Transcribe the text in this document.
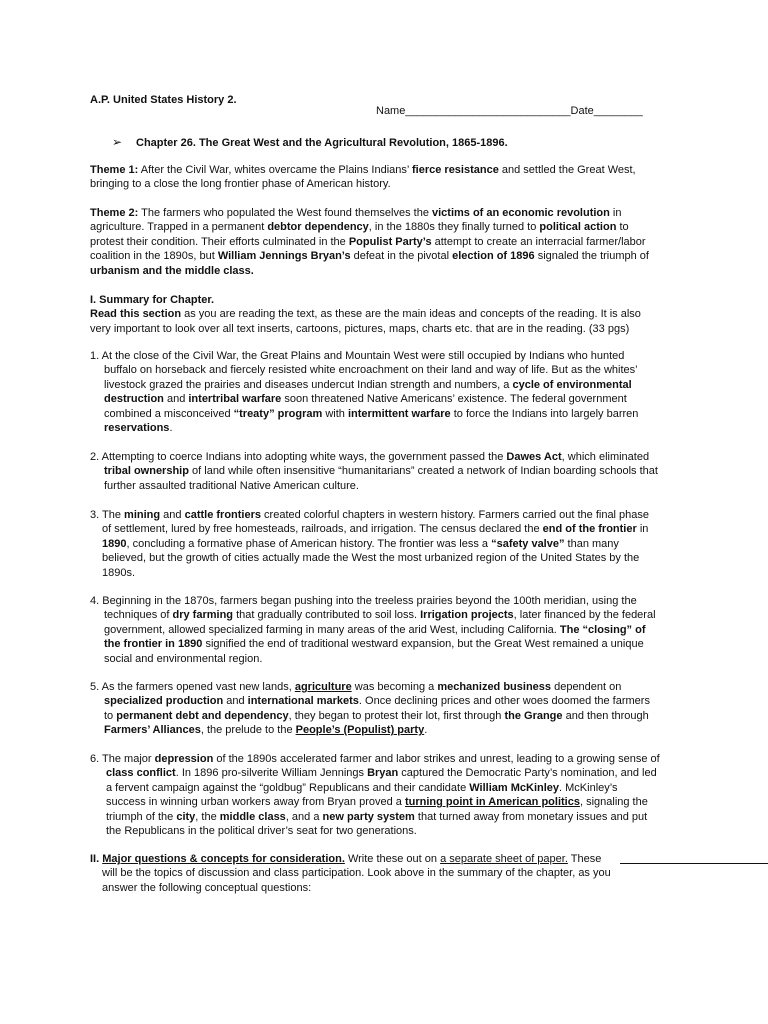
A.P. United States History 2.
Name___________________________Date________
➢ Chapter 26. The Great West and the Agricultural Revolution, 1865-1896.
Theme 1: After the Civil War, whites overcame the Plains Indians’ fierce resistance and settled the Great West,
bringing to a close the long frontier phase of American history.
Theme 2: The farmers who populated the West found themselves the victims of an economic revolution in
agriculture. Trapped in a permanent debtor dependency, in the 1880s they finally turned to political action to
protest their condition. Their efforts culminated in the Populist Party’s attempt to create an interracial farmer/labor
coalition in the 1890s, but William Jennings Bryan’s defeat in the pivotal election of 1896 signaled the triumph of
urbanism and the middle class.
I. Summary for Chapter.
Read this section as you are reading the text, as these are the main ideas and concepts of the reading. It is also
very important to look over all text inserts, cartoons, pictures, maps, charts etc. that are in the reading. (33 pgs)
1. At the close of the Civil War, the Great Plains and Mountain West were still occupied by Indians who hunted
buffalo on horseback and fiercely resisted white encroachment on their land and way of life. But as the whites’
livestock grazed the prairies and diseases undercut Indian strength and numbers, a cycle of environmental
destruction and intertribal warfare soon threatened Native Americans’ existence. The federal government
combined a misconceived “treaty” program with intermittent warfare to force the Indians into largely barren
reservations.
2. Attempting to coerce Indians into adopting white ways, the government passed the Dawes Act, which eliminated
tribal ownership of land while often insensitive “humanitarians” created a network of Indian boarding schools that
further assaulted traditional Native American culture.
3. The mining and cattle frontiers created colorful chapters in western history. Farmers carried out the final phase
of settlement, lured by free homesteads, railroads, and irrigation. The census declared the end of the frontier in
1890, concluding a formative phase of American history. The frontier was less a “safety valve” than many
believed, but the growth of cities actually made the West the most urbanized region of the United States by the
1890s.
4. Beginning in the 1870s, farmers began pushing into the treeless prairies beyond the 100th meridian, using the
techniques of dry farming that gradually contributed to soil loss. Irrigation projects, later financed by the federal
government, allowed specialized farming in many areas of the arid West, including California. The “closing” of
the frontier in 1890 signified the end of traditional westward expansion, but the Great West remained a unique
social and environmental region.
5. As the farmers opened vast new lands, agriculture was becoming a mechanized business dependent on
specialized production and international markets. Once declining prices and other woes doomed the farmers
to permanent debt and dependency, they began to protest their lot, first through the Grange and then through
Farmers’ Alliances, the prelude to the People’s (Populist) party.
6. The major depression of the 1890s accelerated farmer and labor strikes and unrest, leading to a growing sense of
class conflict. In 1896 pro-silverite William Jennings Bryan captured the Democratic Party’s nomination, and led
a fervent campaign against the “goldbug” Republicans and their candidate William McKinley. McKinley’s
success in winning urban workers away from Bryan proved a turning point in American politics, signaling the
triumph of the city, the middle class, and a new party system that turned away from monetary issues and put
the Republicans in the political driver’s seat for two generations.
II. Major questions & concepts for consideration. Write these out on a separate sheet of paper. These
will be the topics of discussion and class participation. Look above in the summary of the chapter, as you
answer the following conceptual questions:
